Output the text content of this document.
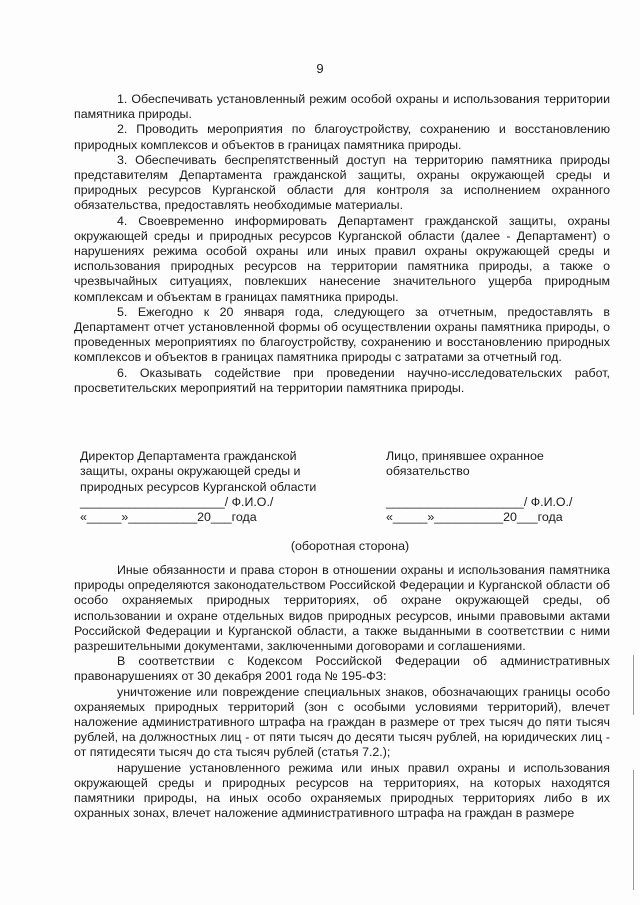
9

1. Обеспечивать установленный режим особой охраны и использования территории памятника природы.

2. Проводить мероприятия по благоустройству, сохранению и восстановлению природных комплексов и объектов в границах памятника природы.

3. Обеспечивать беспрепятственный доступ на территорию памятника природы представителям Департамента гражданской защиты, охраны окружающей среды и природных ресурсов Курганской области для контроля за исполнением охранного обязательства, предоставлять необходимые материалы.

4. Своевременно информировать Департамент гражданской защиты, охраны окружающей среды и природных ресурсов Курганской области (далее - Департамент) о нарушениях режима особой охраны или иных правил охраны окружающей среды и использования природных ресурсов на территории памятника природы, а также о чрезвычайных ситуациях, повлекших нанесение значительного ущерба природным комплексам и объектам в границах памятника природы.

5. Ежегодно к 20 января года, следующего за отчетным, предоставлять в Департамент отчет установленной формы об осуществлении охраны памятника природы, о проведенных мероприятиях по благоустройству, сохранению и восстановлению природных комплексов и объектов в границах памятника природы с затратами за отчетный год.

6. Оказывать содействие при проведении научно-исследовательских работ, просветительских мероприятий на территории памятника природы.

Директор Департамента гражданской
защиты, охраны окружающей среды и
природных ресурсов Курганской области
_____________________/ Ф.И.О./
«_____»__________20___года
Лицо, принявшее охранное
обязательство
____________________/ Ф.И.О./
«_____»__________20___года
(оборотная сторона)

Иные обязанности и права сторон в отношении охраны и использования памятника природы определяются законодательством Российской Федерации и Курганской области об особо охраняемых природных территориях, об охране окружающей среды, об использовании и охране отдельных видов природных ресурсов, иными правовыми актами Российской Федерации и Курганской области, а также выданными в соответствии с ними разрешительными документами, заключенными договорами и соглашениями.

В соответствии с Кодексом Российской Федерации об административных правонарушениях от 30 декабря 2001 года № 195-ФЗ:

уничтожение или повреждение специальных знаков, обозначающих границы особо охраняемых природных территорий (зон с особыми условиями территорий), влечет наложение административного штрафа на граждан в размере от трех тысяч до пяти тысяч рублей, на должностных лиц - от пяти тысяч до десяти тысяч рублей, на юридических лиц - от пятидесяти тысяч до ста тысяч рублей (статья 7.2.);

нарушение установленного режима или иных правил охраны и использования окружающей среды и природных ресурсов на территориях, на которых находятся памятники природы, на иных особо охраняемых природных территориях либо в их охранных зонах, влечет наложение административного штрафа на граждан в размере
